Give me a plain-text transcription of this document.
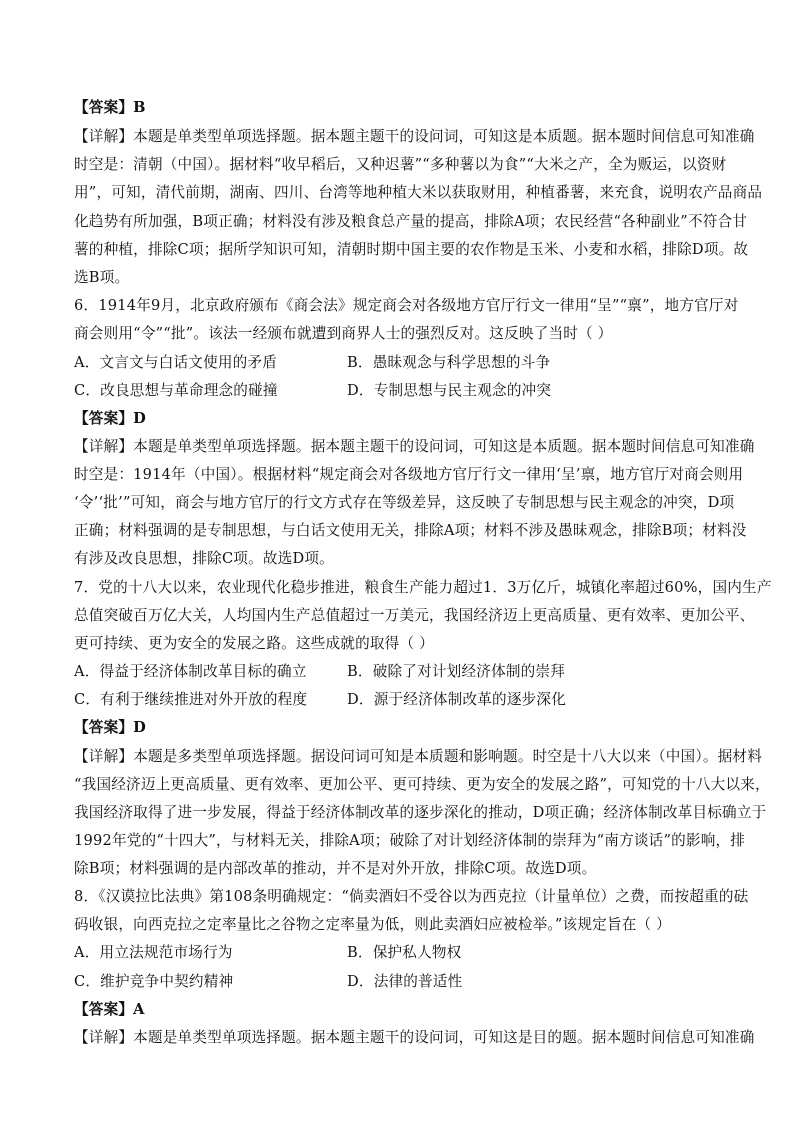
【答案】B
【详解】本题是单类型单项选择题。据本题主题干的设问词，可知这是本质题。据本题时间信息可知准确
时空是：清朝（中国）。据材料“收早稻后，又种迟薯”“多种薯以为食”“大米之产，全为贩运，以资财
用”，可知，清代前期，湖南、四川、台湾等地种植大米以获取财用，种植番薯，来充食，说明农产品商品
化趋势有所加强，B项正确；材料没有涉及粮食总产量的提高，排除A项；农民经营“各种副业”不符合甘
薯的种植，排除C项；据所学知识可知，清朝时期中国主要的农作物是玉米、小麦和水稻，排除D项。故
选B项。
6．1914年9月，北京政府颁布《商会法》规定商会对各级地方官厅行文一律用“呈”“禀”，地方官厅对
商会则用“令”“批”。该法一经颁布就遭到商界人士的强烈反对。这反映了当时（ ）
A．文言文与白话文使用的矛盾	B．愚昧观念与科学思想的斗争
C．改良思想与革命理念的碰撞	D．专制思想与民主观念的冲突
【答案】D
【详解】本题是单类型单项选择题。据本题主题干的设问词，可知这是本质题。据本题时间信息可知准确
时空是：1914年（中国）。根据材料“规定商会对各级地方官厅行文一律用‘呈’禀，地方官厅对商会则用
‘令’‘批’”可知，商会与地方官厅的行文方式存在等级差异，这反映了专制思想与民主观念的冲突，D项
正确；材料强调的是专制思想，与白话文使用无关，排除A项；材料不涉及愚昧观念，排除B项；材料没
有涉及改良思想，排除C项。故选D项。
7．党的十八大以来，农业现代化稳步推进，粮食生产能力超过1．3万亿斤，城镇化率超过60%，国内生产
总值突破百万亿大关，人均国内生产总值超过一万美元，我国经济迈上更高质量、更有效率、更加公平、
更可持续、更为安全的发展之路。这些成就的取得（ ）
A．得益于经济体制改革目标的确立	B．破除了对计划经济体制的崇拜
C．有利于继续推进对外开放的程度	D．源于经济体制改革的逐步深化
【答案】D
【详解】本题是多类型单项选择题。据设问词可知是本质题和影响题。时空是十八大以来（中国）。据材料
“我国经济迈上更高质量、更有效率、更加公平、更可持续、更为安全的发展之路”，可知党的十八大以来，
我国经济取得了进一步发展，得益于经济体制改革的逐步深化的推动，D项正确；经济体制改革目标确立于
1992年党的“十四大”，与材料无关，排除A项；破除了对计划经济体制的崇拜为“南方谈话”的影响，排
除B项；材料强调的是内部改革的推动，并不是对外开放，排除C项。故选D项。
8．《汉谟拉比法典》第108条明确规定：“倘卖酒妇不受谷以为西克拉（计量单位）之费，而按超重的砝
码收银，向西克拉之定率量比之谷物之定率量为低，则此卖酒妇应被检举。”该规定旨在（ ）
A．用立法规范市场行为	B．保护私人物权
C．维护竞争中契约精神	D．法律的普适性
【答案】A
【详解】本题是单类型单项选择题。据本题主题干的设问词，可知这是目的题。据本题时间信息可知准确
